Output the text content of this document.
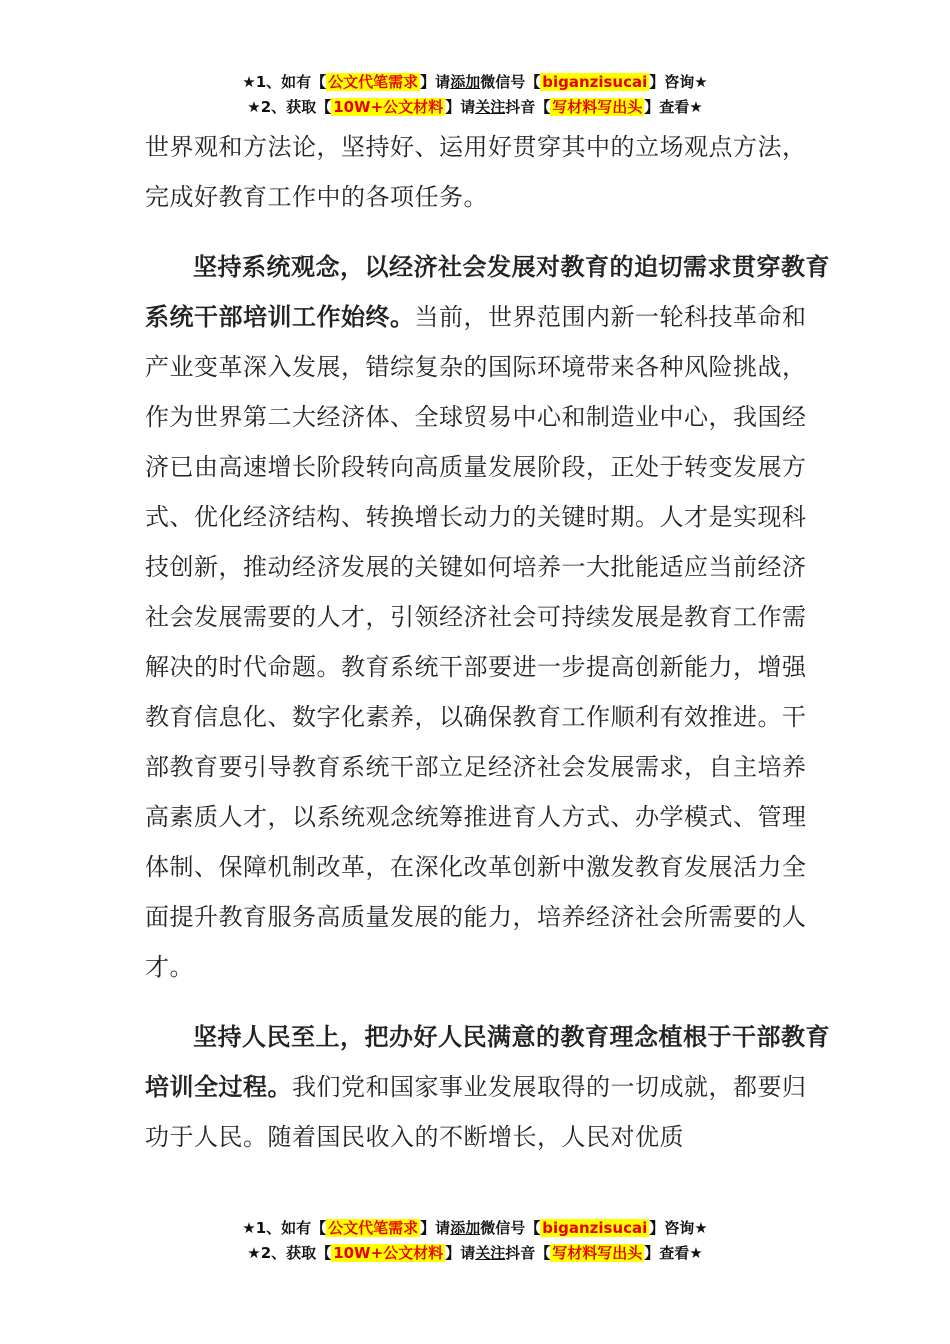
★1、如有【 公文代笔需求 】请添加微信号【 biganzisucai 】咨询★
★2、获取【 10W+公文材料 】请关注抖音【 写材料写出头 】查看★

世界观和方法论，坚持好、运用好贯穿其中的立场观点方法，完成好教育工作中的各项任务。

坚持系统观念，以经济社会发展对教育的迫切需求贯穿教育系统干部培训工作始终。当前，世界范围内新一轮科技革命和产业变革深入发展，错综复杂的国际环境带来各种风险挑战，作为世界第二大经济体、全球贸易中心和制造业中心，我国经济已由高速增长阶段转向高质量发展阶段，正处于转变发展方式、优化经济结构、转换增长动力的关键时期。人才是实现科技创新，推动经济发展的关键如何培养一大批能适应当前经济社会发展需要的人才，引领经济社会可持续发展是教育工作需解决的时代命题。教育系统干部要进一步提高创新能力，增强教育信息化、数字化素养，以确保教育工作顺利有效推进。干部教育要引导教育系统干部立足经济社会发展需求，自主培养高素质人才，以系统观念统筹推进育人方式、办学模式、管理体制、保障机制改革，在深化改革创新中激发教育发展活力全面提升教育服务高质量发展的能力，培养经济社会所需要的人才。

坚持人民至上，把办好人民满意的教育理念植根于干部教育培训全过程。我们党和国家事业发展取得的一切成就，都要归功于人民。随着国民收入的不断增长，人民对优质

★1、如有【 公文代笔需求 】请添加微信号【 biganzisucai 】咨询★
★2、获取【 10W+公文材料 】请关注抖音【 写材料写出头 】查看★
